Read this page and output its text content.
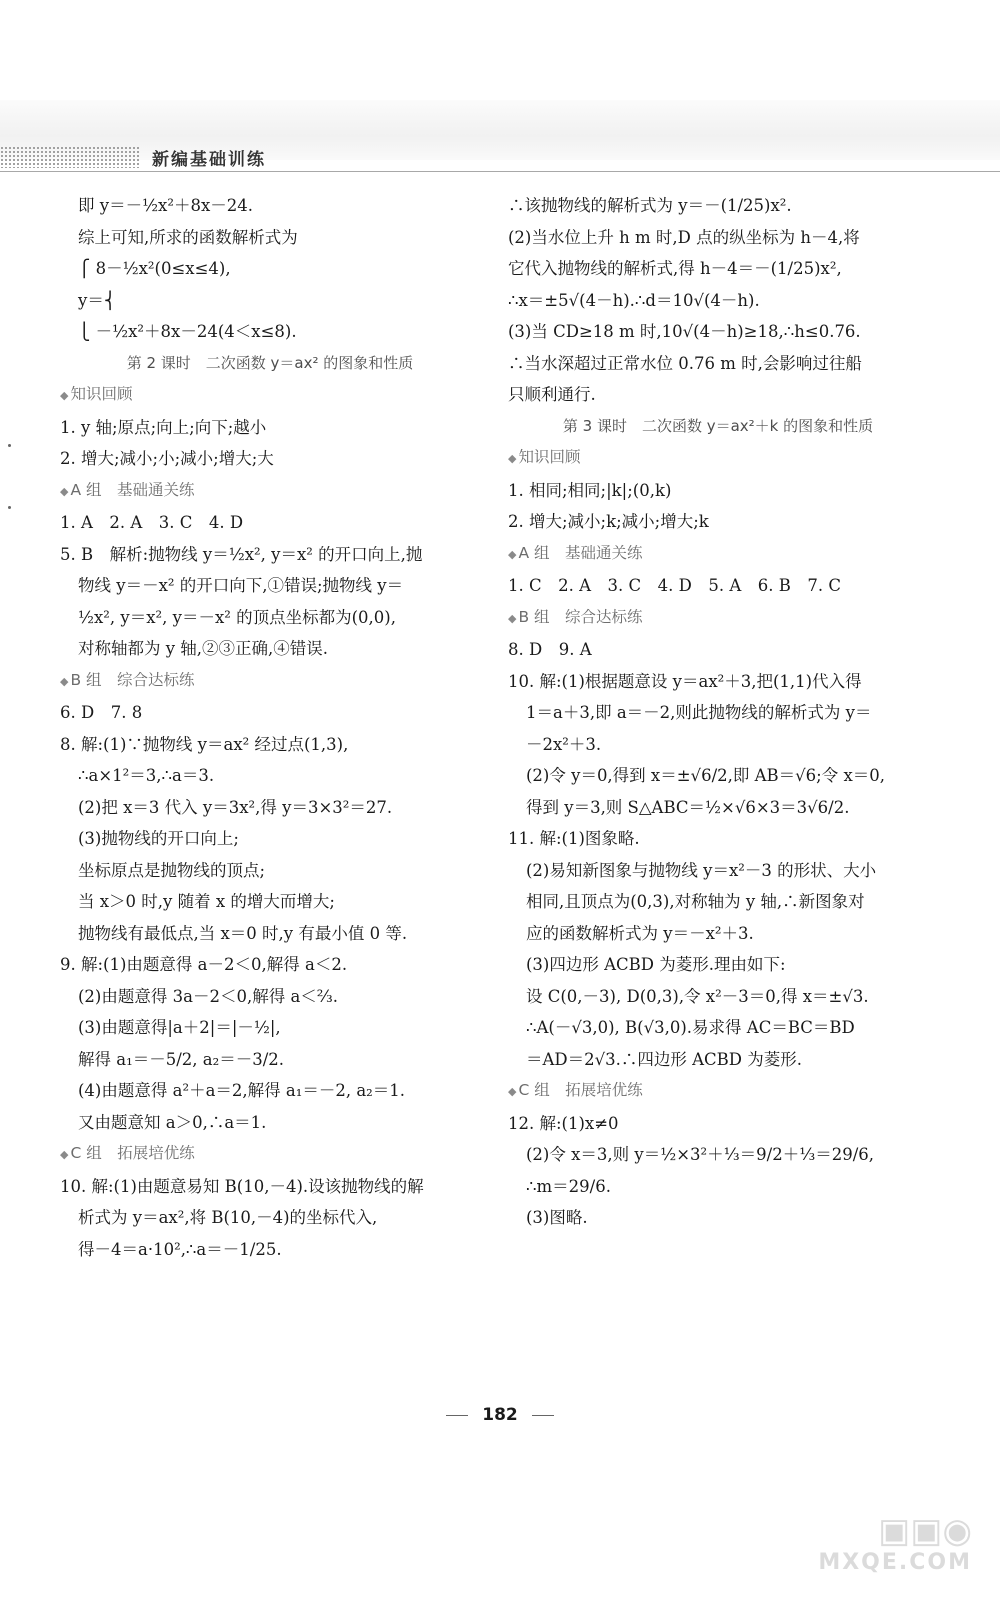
新编基础训练
即 y＝－½x²＋8x－24.
综上可知,所求的函数解析式为
⎧ 8－½x²(0≤x≤4),
y＝⎨
⎩ －½x²＋8x－24(4＜x≤8).
第 2 课时　二次函数 y＝ax² 的图象和性质
◆ 知识回顾
1. y 轴;原点;向上;向下;越小
2. 增大;减小;小;减小;增大;大
◆ A 组　基础通关练
1. A　2. A　3. C　4. D
5. B　解析:抛物线 y＝½x², y＝x² 的开口向上,抛
物线 y＝－x² 的开口向下,①错误;抛物线 y＝
½x², y＝x², y＝－x² 的顶点坐标都为(0,0),
对称轴都为 y 轴,②③正确,④错误.
◆ B 组　综合达标练
6. D　7. 8
8. 解:(1)∵抛物线 y＝ax² 经过点(1,3),
∴a×1²＝3,∴a＝3.
(2)把 x＝3 代入 y＝3x²,得 y＝3×3²＝27.
(3)抛物线的开口向上;
坐标原点是抛物线的顶点;
当 x＞0 时,y 随着 x 的增大而增大;
抛物线有最低点,当 x＝0 时,y 有最小值 0 等.
9. 解:(1)由题意得 a－2＜0,解得 a＜2.
(2)由题意得 3a－2＜0,解得 a＜⅔.
(3)由题意得|a＋2|＝|－½|,
解得 a₁＝－5/2, a₂＝－3/2.
(4)由题意得 a²＋a＝2,解得 a₁＝－2, a₂＝1.
又由题意知 a＞0,∴a＝1.
◆ C 组　拓展培优练
10. 解:(1)由题意易知 B(10,－4).设该抛物线的解
析式为 y＝ax²,将 B(10,－4)的坐标代入,
得－4＝a·10²,∴a＝－1/25.
∴该抛物线的解析式为 y＝－(1/25)x².
(2)当水位上升 h m 时,D 点的纵坐标为 h－4,将
它代入抛物线的解析式,得 h－4＝－(1/25)x²,
∴x＝±5√(4－h).∴d＝10√(4－h).
(3)当 CD≥18 m 时,10√(4－h)≥18,∴h≤0.76.
∴当水深超过正常水位 0.76 m 时,会影响过往船
只顺利通行.
第 3 课时　二次函数 y＝ax²＋k 的图象和性质
◆ 知识回顾
1. 相同;相同;|k|;(0,k)
2. 增大;减小;k;减小;增大;k
◆ A 组　基础通关练
1. C　2. A　3. C　4. D　5. A　6. B　7. C
◆ B 组　综合达标练
8. D　9. A
10. 解:(1)根据题意设 y＝ax²＋3,把(1,1)代入得
1＝a＋3,即 a＝－2,则此抛物线的解析式为 y＝
－2x²＋3.
(2)令 y＝0,得到 x＝±√6/2,即 AB＝√6;令 x＝0,
得到 y＝3,则 S△ABC＝½×√6×3＝3√6/2.
11. 解:(1)图象略.
(2)易知新图象与抛物线 y＝x²－3 的形状、大小
相同,且顶点为(0,3),对称轴为 y 轴,∴新图象对
应的函数解析式为 y＝－x²＋3.
(3)四边形 ACBD 为菱形.理由如下:
设 C(0,－3), D(0,3),令 x²－3＝0,得 x＝±√3.
∴A(－√3,0), B(√3,0).易求得 AC＝BC＝BD
＝AD＝2√3.∴四边形 ACBD 为菱形.
◆ C 组　拓展培优练
12. 解:(1)x≠0
(2)令 x＝3,则 y＝½×3²＋⅓＝9/2＋⅓＝29/6,
∴m＝29/6.
(3)图略.
182
▣▣◉
MXQE.COM
